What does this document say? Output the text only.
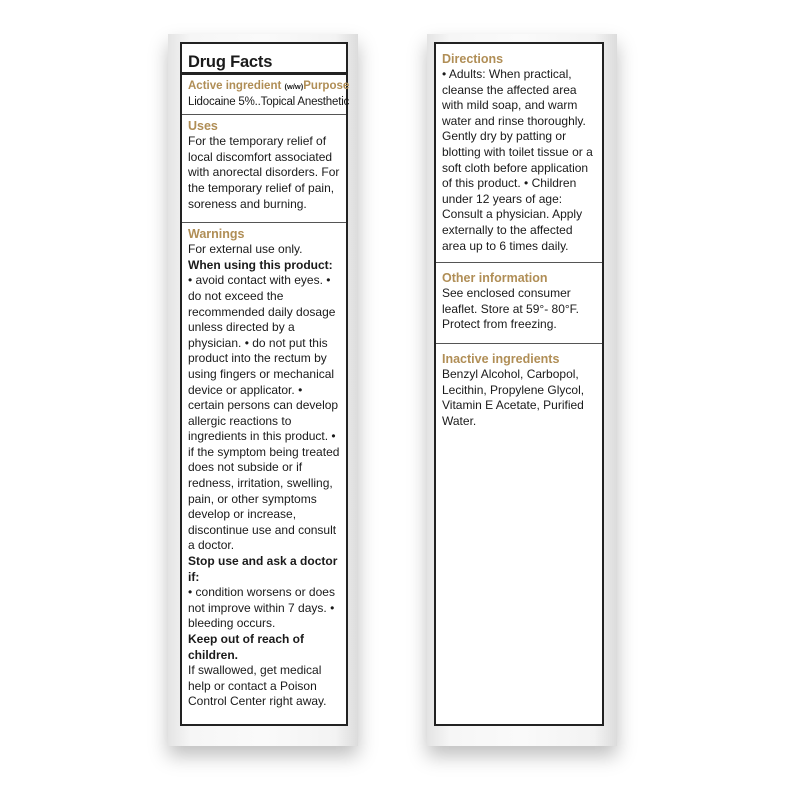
Drug Facts
Active ingredient (w/w) Purpose
Lidocaine 5%..Topical Anesthetic
Uses
For the temporary relief of local discomfort associated with anorectal disorders. For the temporary relief of pain, soreness and burning.
Warnings
For external use only.
When using this product:
• avoid contact with eyes. • do not exceed the recommended daily dosage unless directed by a physician. • do not put this product into the rectum by using fingers or mechanical device or applicator. • certain persons can develop allergic reactions to ingredients in this product. • if the symptom being treated does not subside or if redness, irritation, swelling, pain, or other symptoms develop or increase, discontinue use and consult a doctor.
Stop use and ask a doctor if:
• condition worsens or does not improve within 7 days. • bleeding occurs.
Keep out of reach of children.
If swallowed, get medical help or contact a Poison Control Center right away.
Directions
• Adults: When practical, cleanse the affected area with mild soap, and warm water and rinse thoroughly. Gently dry by patting or blotting with toilet tissue or a soft cloth before application of this product. • Children under 12 years of age: Consult a physician. Apply externally to the affected area up to 6 times daily.
Other information
See enclosed consumer leaflet. Store at 59°- 80°F. Protect from freezing.
Inactive ingredients
Benzyl Alcohol, Carbopol, Lecithin, Propylene Glycol, Vitamin E Acetate, Purified Water.
